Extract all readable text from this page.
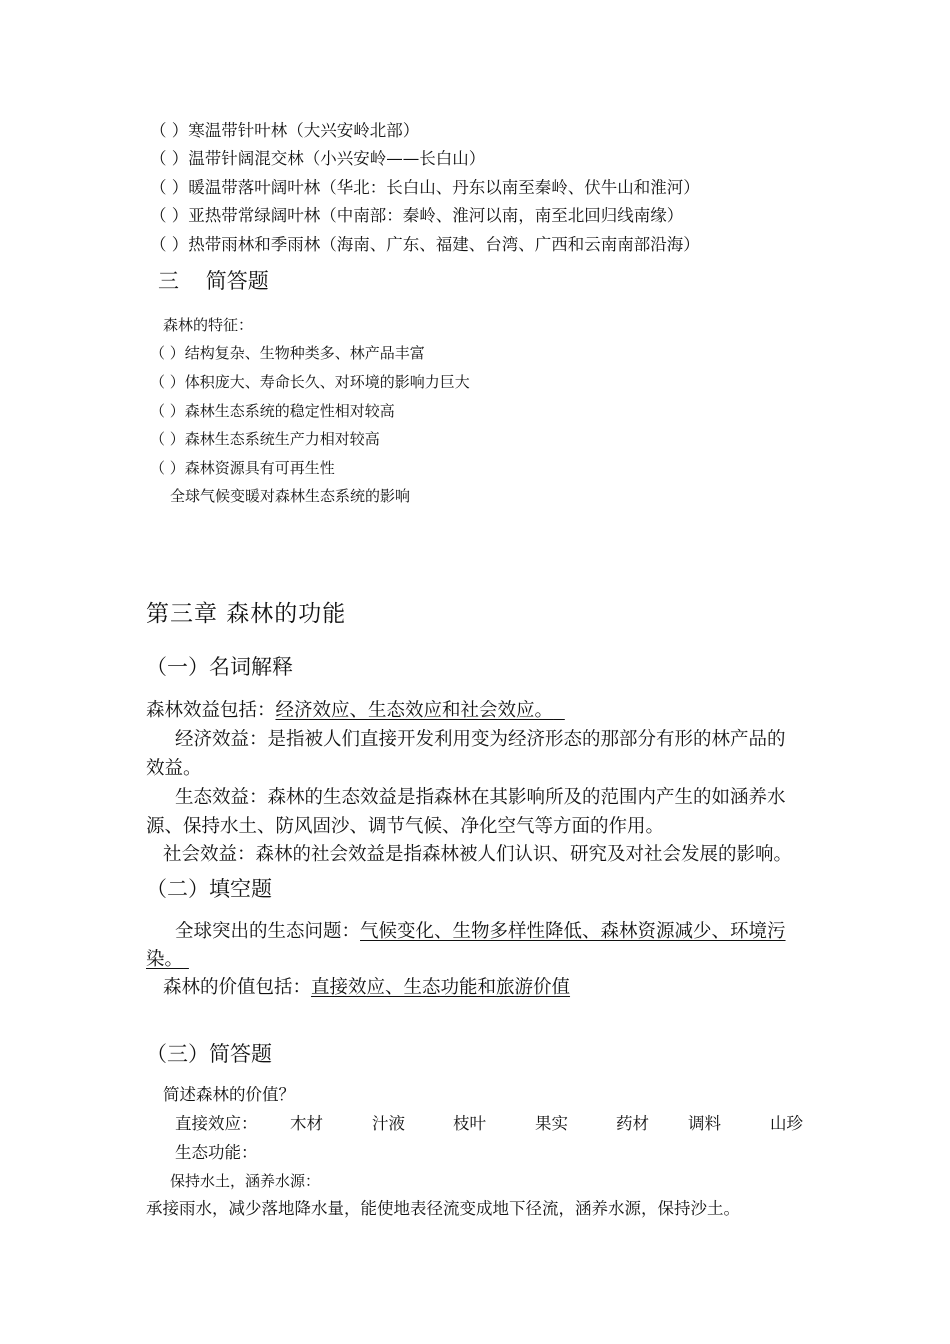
（ ）寒温带针叶林（大兴安岭北部）
（ ）温带针阔混交林（小兴安岭——长白山）
（ ）暖温带落叶阔叶林（华北：长白山、丹东以南至秦岭、伏牛山和淮河）
（ ）亚热带常绿阔叶林（中南部：秦岭、淮河以南，南至北回归线南缘）
（ ）热带雨林和季雨林（海南、广东、福建、台湾、广西和云南南部沿海）
三    简答题
森林的特征：
（ ）结构复杂、生物种类多、林产品丰富
（ ）体积庞大、寿命长久、对环境的影响力巨大
（ ）森林生态系统的稳定性相对较高
（ ）森林生态系统生产力相对较高
（ ）森林资源具有可再生性
全球气候变暖对森林生态系统的影响
第三章 森林的功能
（一）名词解释
森林效益包括：经济效应、生态效应和社会效应。
经济效益：是指被人们直接开发利用变为经济形态的那部分有形的林产品的
效益。
生态效益：森林的生态效益是指森林在其影响所及的范围内产生的如涵养水
源、保持水土、防风固沙、调节气候、净化空气等方面的作用。
社会效益：森林的社会效益是指森林被人们认识、研究及对社会发展的影响。
（二）填空题
全球突出的生态问题：气候变化、生物多样性降低、森林资源减少、环境污
染。
森林的价值包括：直接效应、生态功能和旅游价值
（三）简答题
简述森林的价值？
直接效应： 木材	汁液	枝叶	果实	药材 调料	山珍
生态功能：
保持水土，涵养水源：
承接雨水，减少落地降水量，能使地表径流变成地下径流，涵养水源，保持沙土。
